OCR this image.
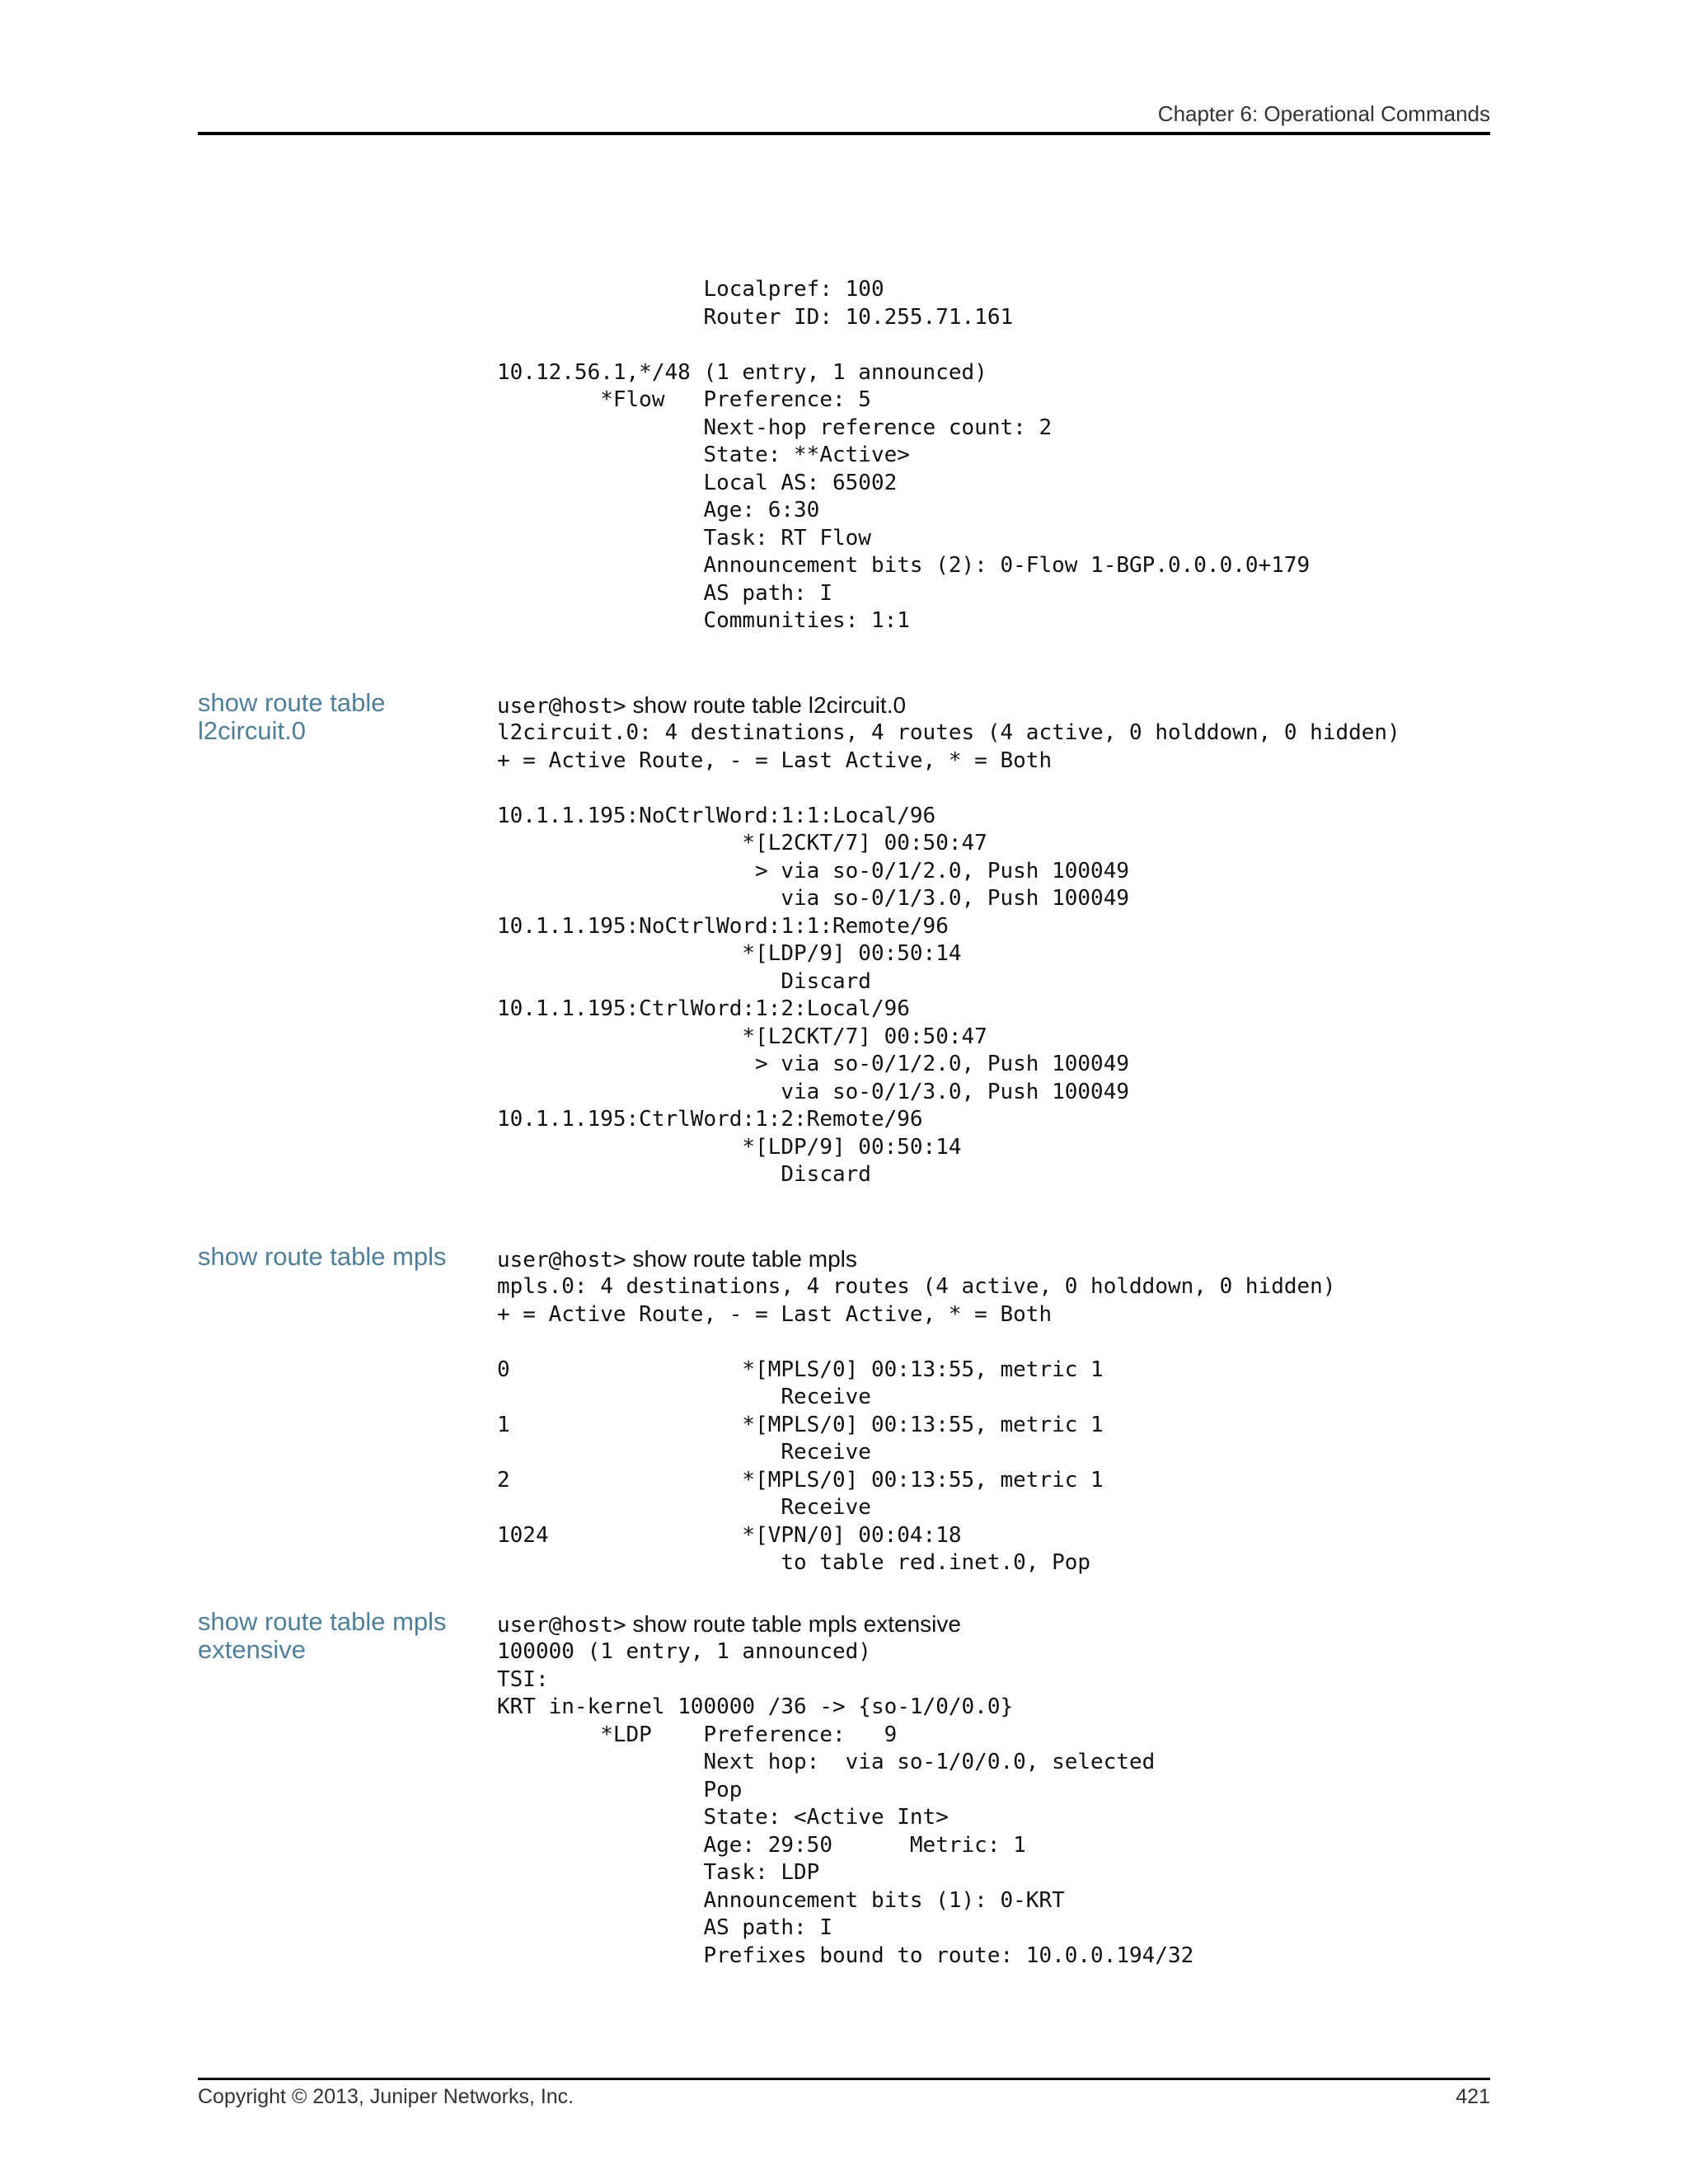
Chapter 6: Operational Commands
Localpref: 100
Router ID: 10.255.71.161

10.12.56.1,*/48 (1 entry, 1 announced)
*Flow   Preference: 5
Next-hop reference count: 2
State: **Active>
Local AS: 65002
Age: 6:30
Task: RT Flow
Announcement bits (2): 0-Flow 1-BGP.0.0.0.0+179
AS path: I
Communities: 1:1
show route table l2circuit.0
user@host> show route table l2circuit.0
l2circuit.0: 4 destinations, 4 routes (4 active, 0 holddown, 0 hidden)
+ = Active Route, - = Last Active, * = Both

10.1.1.195:NoCtrlWord:1:1:Local/96
*[L2CKT/7] 00:50:47
> via so-0/1/2.0, Push 100049
via so-0/1/3.0, Push 100049
10.1.1.195:NoCtrlWord:1:1:Remote/96
*[LDP/9] 00:50:14
Discard
10.1.1.195:CtrlWord:1:2:Local/96
*[L2CKT/7] 00:50:47
> via so-0/1/2.0, Push 100049
via so-0/1/3.0, Push 100049
10.1.1.195:CtrlWord:1:2:Remote/96
*[LDP/9] 00:50:14
Discard
show route table mpls	user@host> show route table mpls
mpls.0: 4 destinations, 4 routes (4 active, 0 holddown, 0 hidden)
+ = Active Route, - = Last Active, * = Both

0                  *[MPLS/0] 00:13:55, metric 1
Receive
1                  *[MPLS/0] 00:13:55, metric 1
Receive
2                  *[MPLS/0] 00:13:55, metric 1
Receive
1024               *[VPN/0] 00:04:18
to table red.inet.0, Pop
show route table mpls extensive
user@host> show route table mpls extensive
100000 (1 entry, 1 announced)
TSI:
KRT in-kernel 100000 /36 -> {so-1/0/0.0}
*LDP    Preference:   9
Next hop:  via so-1/0/0.0, selected
Pop
State: <Active Int>
Age: 29:50      Metric: 1
Task: LDP
Announcement bits (1): 0-KRT
AS path: I
Prefixes bound to route: 10.0.0.194/32
Copyright © 2013, Juniper Networks, Inc.	421
